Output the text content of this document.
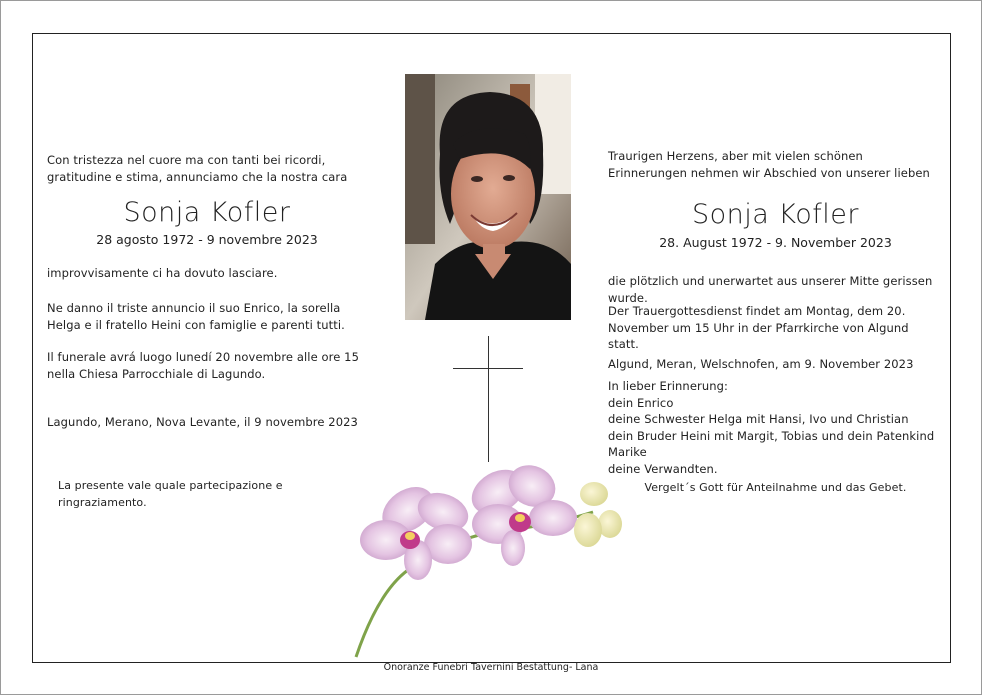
Con tristezza nel cuore ma con tanti bei ricordi, gratitudine e stima, annunciamo che la nostra cara

Sonja Kofler

28 agosto 1972 - 9 novembre 2023

improvvisamente ci ha dovuto lasciare.

Ne danno il triste annuncio il suo Enrico, la sorella Helga e il fratello Heini con famiglie e parenti tutti.

Il funerale avrá luogo lunedí 20 novembre alle ore 15 nella Chiesa Parrocchiale di Lagundo.

Lagundo, Merano, Nova Levante, il 9 novembre 2023

La presente vale quale partecipazione e ringraziamento.

Traurigen Herzens, aber mit vielen schönen Erinnerungen nehmen wir Abschied von unserer lieben

Sonja Kofler

28. August 1972 - 9. November 2023

die plötzlich und unerwartet aus unserer Mitte gerissen wurde.

Der Trauergottesdienst findet am Montag, dem 20. November um 15 Uhr in der Pfarrkirche von Algund statt.

Algund, Meran, Welschnofen, am 9. November 2023

In lieber Erinnerung:

dein Enrico

deine Schwester Helga mit Hansi, Ivo und Christian

dein Bruder Heini mit Margit, Tobias und dein Patenkind Marike

deine Verwandten.

Vergelt´s Gott für Anteilnahme und das Gebet.

Onoranze Funebri Tavernini Bestattung- Lana
